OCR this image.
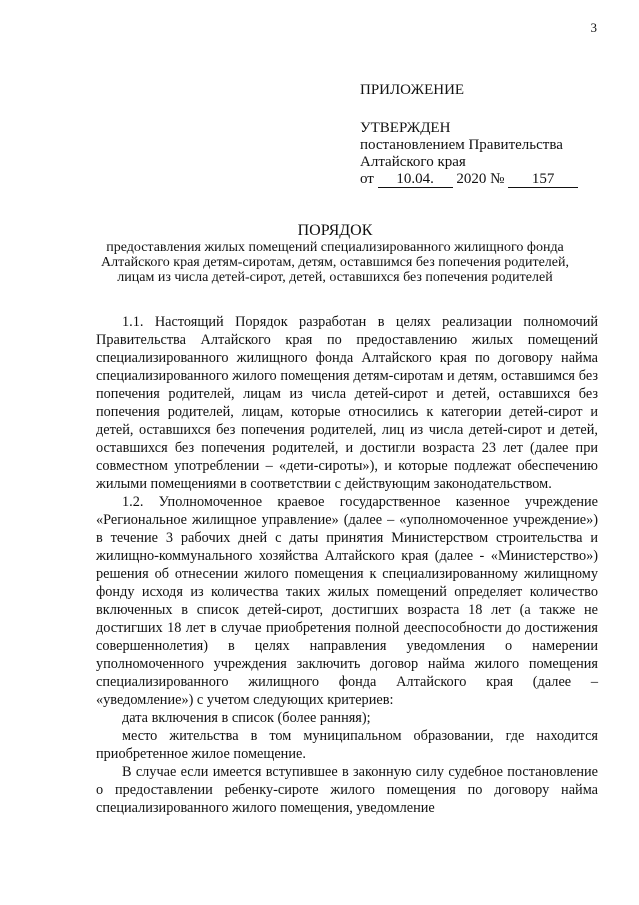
3
ПРИЛОЖЕНИЕ
УТВЕРЖДЕН
постановлением Правительства
Алтайского края
от 10.04. 2020 № 157
ПОРЯДОК
предоставления жилых помещений специализированного жилищного фонда Алтайского края детям-сиротам, детям, оставшимся без попечения родителей, лицам из числа детей-сирот, детей, оставшихся без попечения родителей

1.1. Настоящий Порядок разработан в целях реализации полномочий Правительства Алтайского края по предоставлению жилых помещений специализированного жилищного фонда Алтайского края по договору найма специализированного жилого помещения детям-сиротам и детям, оставшимся без попечения родителей, лицам из числа детей-сирот и детей, оставшихся без попечения родителей, лицам, которые относились к категории детей-сирот и детей, оставшихся без попечения родителей, лиц из числа детей-сирот и детей, оставшихся без попечения родителей, и достигли возраста 23 лет (далее при совместном употреблении – «дети-сироты»), и которые подлежат обеспечению жилыми помещениями в соответствии с действующим законодательством.

1.2. Уполномоченное краевое государственное казенное учреждение «Региональное жилищное управление» (далее – «уполномоченное учреждение») в течение 3 рабочих дней с даты принятия Министерством строительства и жилищно-коммунального хозяйства Алтайского края (далее - «Министерство») решения об отнесении жилого помещения к специализированному жилищному фонду исходя из количества таких жилых помещений определяет количество включенных в список детей-сирот, достигших возраста 18 лет (а также не достигших 18 лет в случае приобретения полной дееспособности до достижения совершеннолетия) в целях направления уведомления о намерении уполномоченного учреждения заключить договор найма жилого помещения специализированного жилищного фонда Алтайского края (далее – «уведомление») с учетом следующих критериев:

дата включения в список (более ранняя);

место жительства в том муниципальном образовании, где находится приобретенное жилое помещение.

В случае если имеется вступившее в законную силу судебное постановление о предоставлении ребенку-сироте жилого помещения по договору найма специализированного жилого помещения, уведомление
